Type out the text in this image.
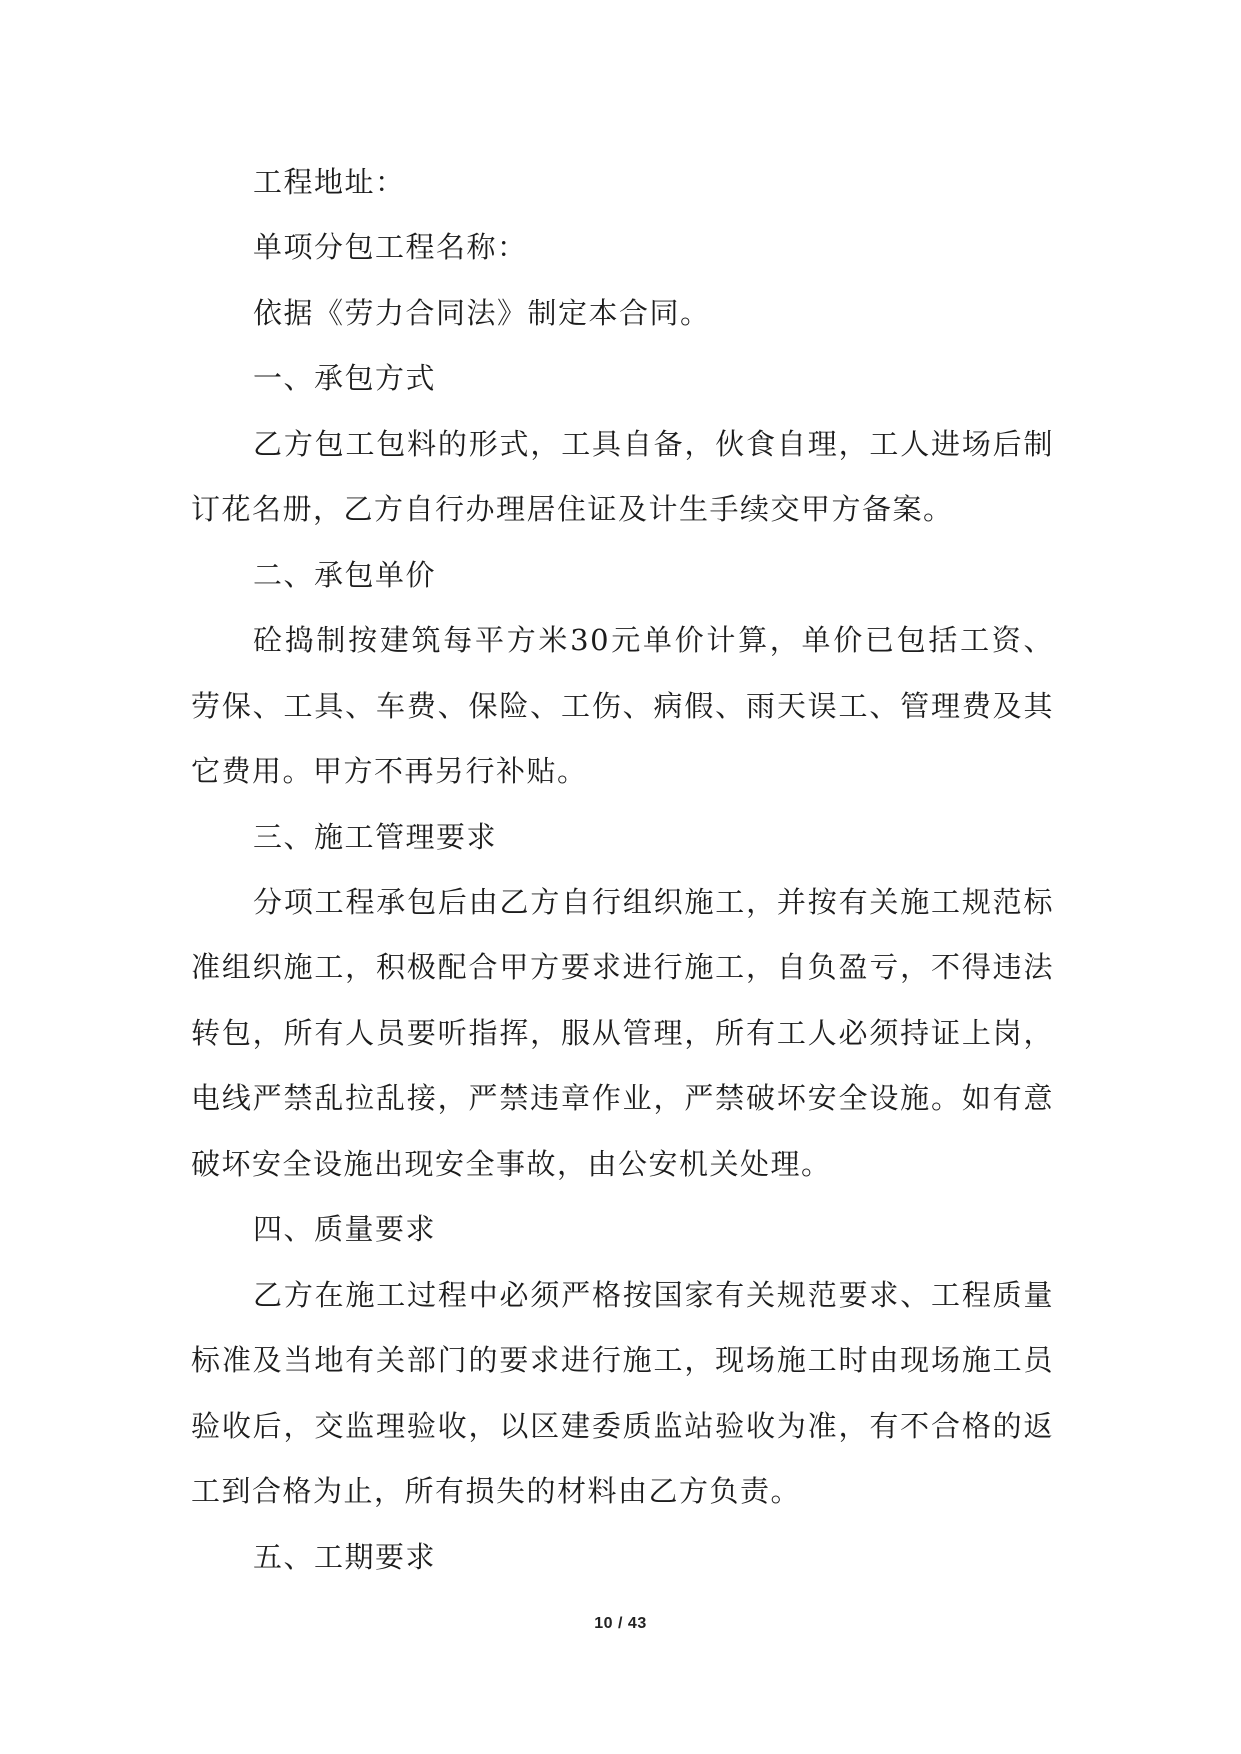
工程地址：
单项分包工程名称：
依据《劳力合同法》制定本合同。
一、承包方式
乙方包工包料的形式，工具自备，伙食自理，工人进场后制
订花名册，乙方自行办理居住证及计生手续交甲方备案。
二、承包单价
砼捣制按建筑每平方米30元单价计算，单价已包括工资、
劳保、工具、车费、保险、工伤、病假、雨天误工、管理费及其
它费用。甲方不再另行补贴。
三、施工管理要求
分项工程承包后由乙方自行组织施工，并按有关施工规范标
准组织施工，积极配合甲方要求进行施工，自负盈亏，不得违法
转包，所有人员要听指挥，服从管理，所有工人必须持证上岗，
电线严禁乱拉乱接，严禁违章作业，严禁破坏安全设施。如有意
破坏安全设施出现安全事故，由公安机关处理。
四、质量要求
乙方在施工过程中必须严格按国家有关规范要求、工程质量
标准及当地有关部门的要求进行施工，现场施工时由现场施工员
验收后，交监理验收，以区建委质监站验收为准，有不合格的返
工到合格为止，所有损失的材料由乙方负责。
五、工期要求
10 / 43
